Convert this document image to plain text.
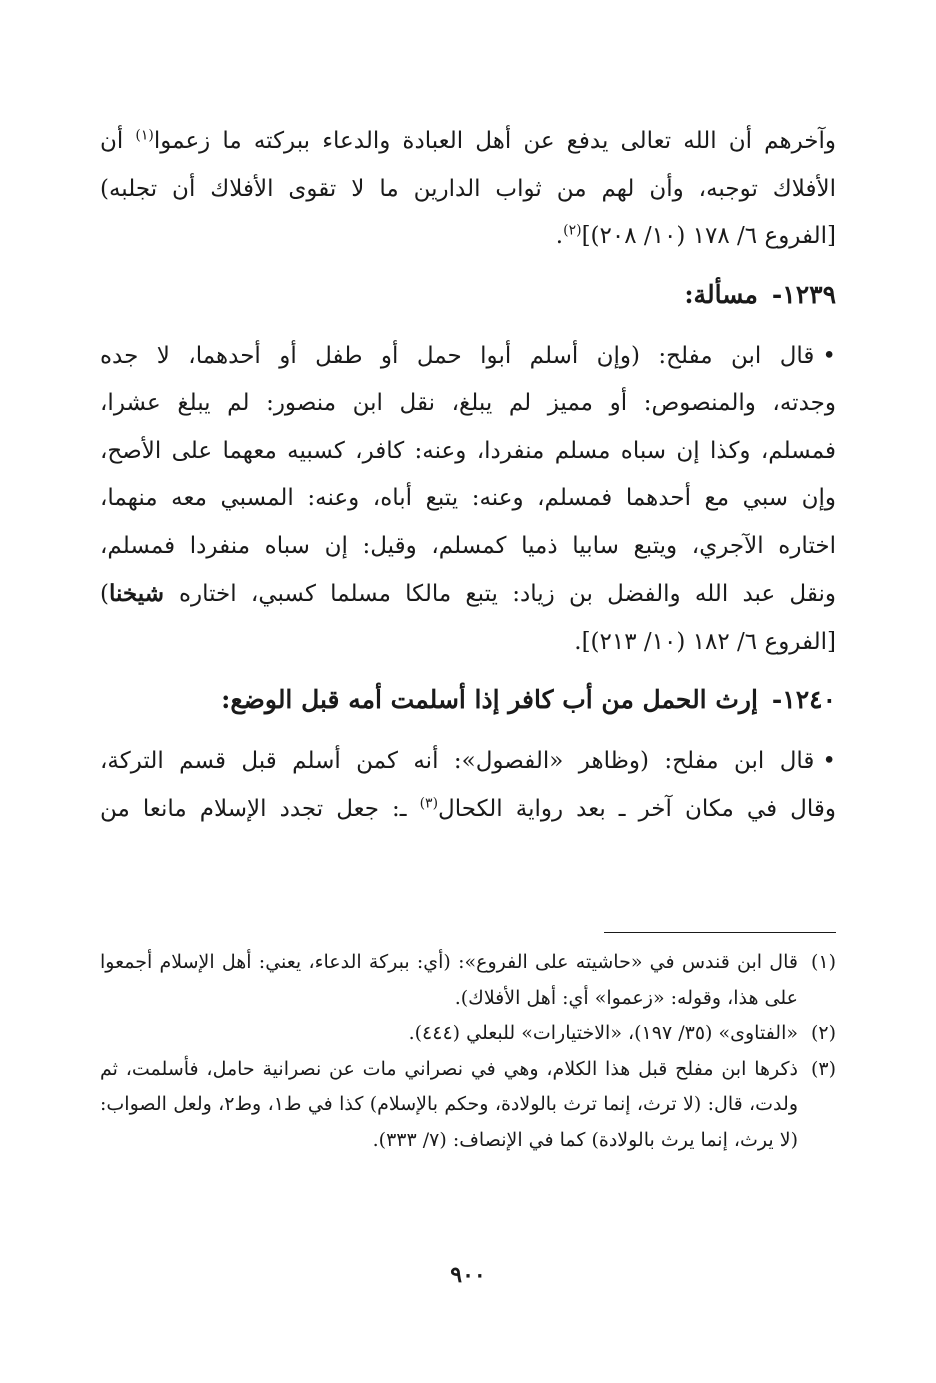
وآخرهم أن الله تعالى يدفع عن أهل العبادة والدعاء ببركته ما زعموا$^{(١)}$ أن
الأفلاك توجبه، وأن لهم من ثواب الدارين ما لا تقوى الأفلاك أن تجلبه)
[الفروع ٦/ ١٧٨ (١٠/ ٢٠٨)]$^{(٢)}$.

١٢٣٩-مسألة:

•قال ابن مفلح: (وإن أسلم أبوا حمل أو طفل أو أحدهما، لا جده
وجدته، والمنصوص: أو مميز لم يبلغ، نقل ابن منصور: لم يبلغ عشرا،
فمسلم، وكذا إن سباه مسلم منفردا، وعنه: كافر، كسبيه معهما على الأصح،
وإن سبي مع أحدهما فمسلم، وعنه: يتبع أباه، وعنه: المسبي معه منهما،
اختاره الآجري، ويتبع سابيا ذميا كمسلم، وقيل: إن سباه منفردا فمسلم،
ونقل عبد الله والفضل بن زياد: يتبع مالكا مسلما كسبي، اختاره شيخنا)
[الفروع ٦/ ١٨٢ (١٠/ ٢١٣)].

١٢٤٠-إرث الحمل من أب كافر إذا أسلمت أمه قبل الوضع:

•قال ابن مفلح: (وظاهر «الفصول»: أنه كمن أسلم قبل قسم التركة،
وقال في مكان آخر ـ بعد رواية الكحال$^{(٣)}$ ـ: جعل تجدد الإسلام مانعا من

(١)
قال ابن قندس في «حاشيته على الفروع»: (أي: ببركة الدعاء، يعني: أهل الإسلام أجمعوا على هذا، وقوله: «زعموا» أي: أهل الأفلاك).

(٢)
«الفتاوى» (٣٥/ ١٩٧)، «الاختيارات» للبعلي (٤٤٤).

(٣)
ذكرها ابن مفلح قبل هذا الكلام، وهي في نصراني مات عن نصرانية حامل، فأسلمت، ثم ولدت، قال: (لا ترث، إنما ترث بالولادة، وحكم بالإسلام) كذا في ط١، وط٢، ولعل الصواب: (لا يرث، إنما يرث بالولادة) كما في الإنصاف: (٧/ ٣٣٣).

٩٠٠
